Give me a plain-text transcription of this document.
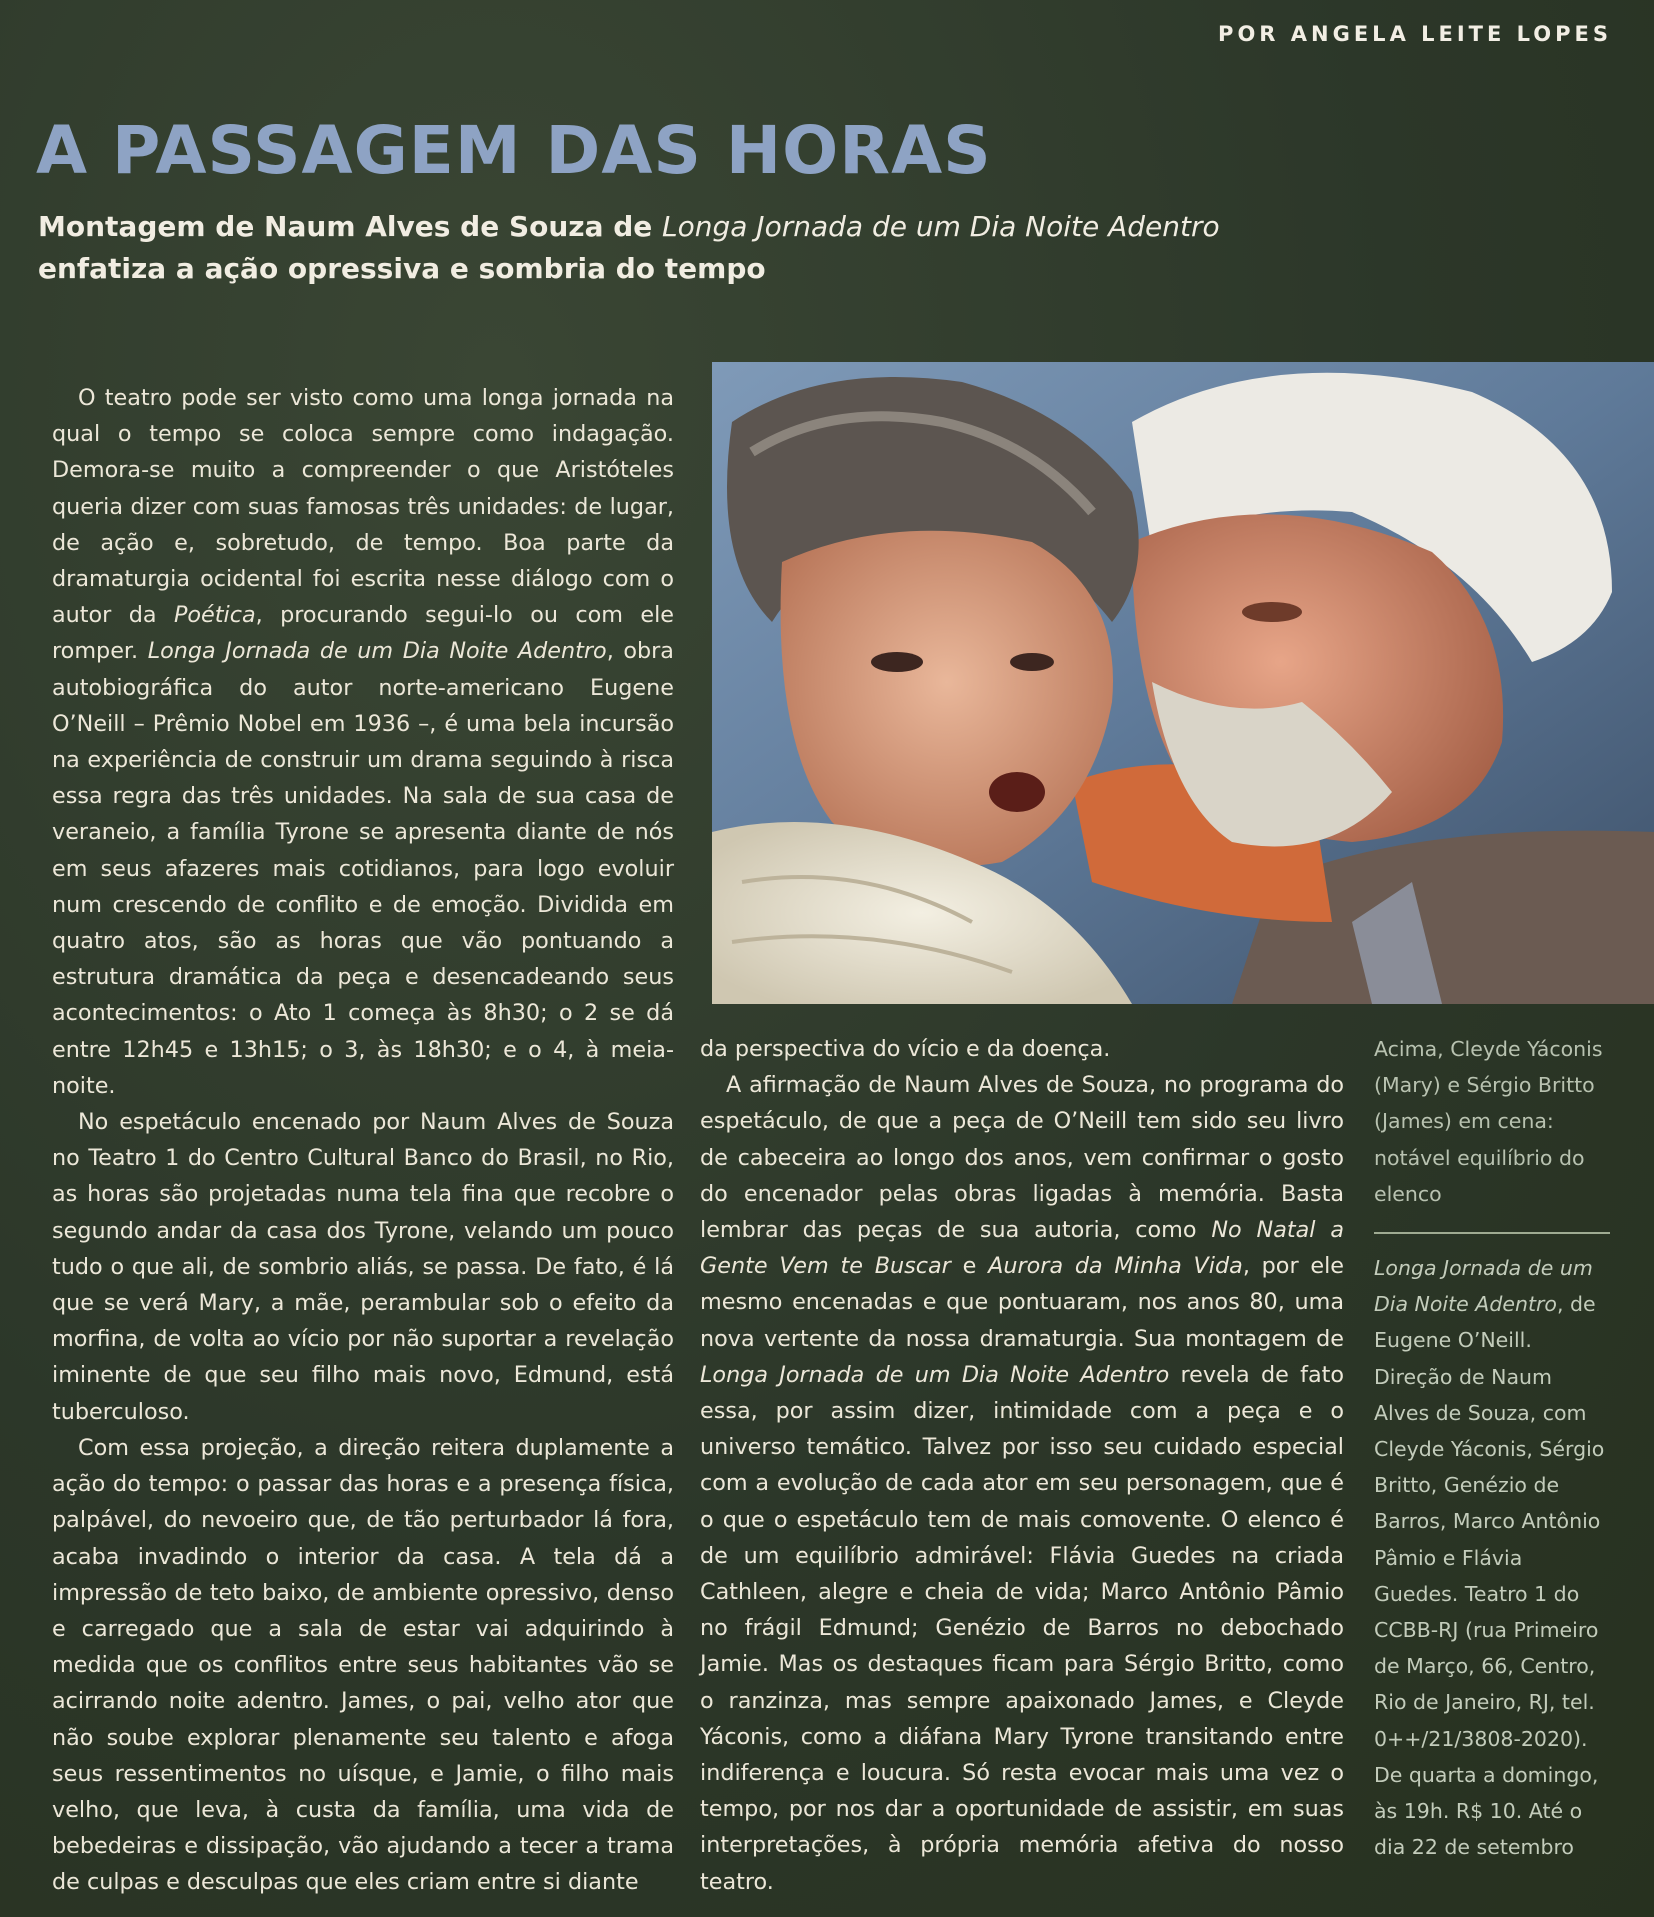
POR ANGELA LEITE LOPES
A PASSAGEM DAS HORAS
Montagem de Naum Alves de Souza de Longa Jornada de um Dia Noite Adentro enfatiza a ação opressiva e sombria do tempo

O teatro pode ser visto como uma longa jornada na qual o tempo se coloca sempre como indagação. Demora-se muito a compreender o que Aristóteles queria dizer com suas famosas três unidades: de lugar, de ação e, sobretudo, de tempo. Boa parte da dramaturgia ocidental foi escrita nesse diálogo com o autor da Poética, procurando segui-lo ou com ele romper. Longa Jornada de um Dia Noite Adentro, obra autobiográfica do autor norte-americano Eugene O’Neill – Prêmio Nobel em 1936 –, é uma bela incursão na experiência de construir um drama seguindo à risca essa regra das três unidades. Na sala de sua casa de veraneio, a família Tyrone se apresenta diante de nós em seus afazeres mais cotidianos, para logo evoluir num crescendo de conflito e de emoção. Dividida em quatro atos, são as horas que vão pontuando a estrutura dramática da peça e desencadeando seus acontecimentos: o Ato 1 começa às 8h30; o 2 se dá entre 12h45 e 13h15; o 3, às 18h30; e o 4, à meia-noite.

No espetáculo encenado por Naum Alves de Souza no Teatro 1 do Centro Cultural Banco do Brasil, no Rio, as horas são projetadas numa tela fina que recobre o segundo andar da casa dos Tyrone, velando um pouco tudo o que ali, de sombrio aliás, se passa. De fato, é lá que se verá Mary, a mãe, perambular sob o efeito da morfina, de volta ao vício por não suportar a revelação iminente de que seu filho mais novo, Edmund, está tuberculoso.

Com essa projeção, a direção reitera duplamente a ação do tempo: o passar das horas e a presença física, palpável, do nevoeiro que, de tão perturbador lá fora, acaba invadindo o interior da casa. A tela dá a impressão de teto baixo, de ambiente opressivo, denso e carregado que a sala de estar vai adquirindo à medida que os conflitos entre seus habitantes vão se acirrando noite adentro. James, o pai, velho ator que não soube explorar plenamente seu talento e afoga seus ressentimentos no uísque, e Jamie, o filho mais velho, que leva, à custa da família, uma vida de bebedeiras e dissipação, vão ajudando a tecer a trama de culpas e desculpas que eles criam entre si diante

da perspectiva do vício e da doença.

A afirmação de Naum Alves de Souza, no programa do espetáculo, de que a peça de O’Neill tem sido seu livro de cabeceira ao longo dos anos, vem confirmar o gosto do encenador pelas obras ligadas à memória. Basta lembrar das peças de sua autoria, como No Natal a Gente Vem te Buscar e Aurora da Minha Vida, por ele mesmo encenadas e que pontuaram, nos anos 80, uma nova vertente da nossa dramaturgia. Sua montagem de Longa Jornada de um Dia Noite Adentro revela de fato essa, por assim dizer, intimidade com a peça e o universo temático. Talvez por isso seu cuidado especial com a evolução de cada ator em seu personagem, que é o que o espetáculo tem de mais comovente. O elenco é de um equilíbrio admirável: Flávia Guedes na criada Cathleen, alegre e cheia de vida; Marco Antônio Pâmio no frágil Edmund; Genézio de Barros no debochado Jamie. Mas os destaques ficam para Sérgio Britto, como o ranzinza, mas sempre apaixonado James, e Cleyde Yáconis, como a diáfana Mary Tyrone transitando entre indiferença e loucura. Só resta evocar mais uma vez o tempo, por nos dar a oportunidade de assistir, em suas interpretações, à própria memória afetiva do nosso teatro.

Acima, Cleyde Yáconis (Mary) e Sérgio Britto (James) em cena: notável equilíbrio do elenco
Longa Jornada de um Dia Noite Adentro, de Eugene O’Neill. Direção de Naum Alves de Souza, com Cleyde Yáconis, Sérgio Britto, Genézio de Barros, Marco Antônio Pâmio e Flávia Guedes. Teatro 1 do CCBB-RJ (rua Primeiro de Março, 66, Centro, Rio de Janeiro, RJ, tel. 0++/21/3808-2020). De quarta a domingo, às 19h. R$ 10. Até o dia 22 de setembro
